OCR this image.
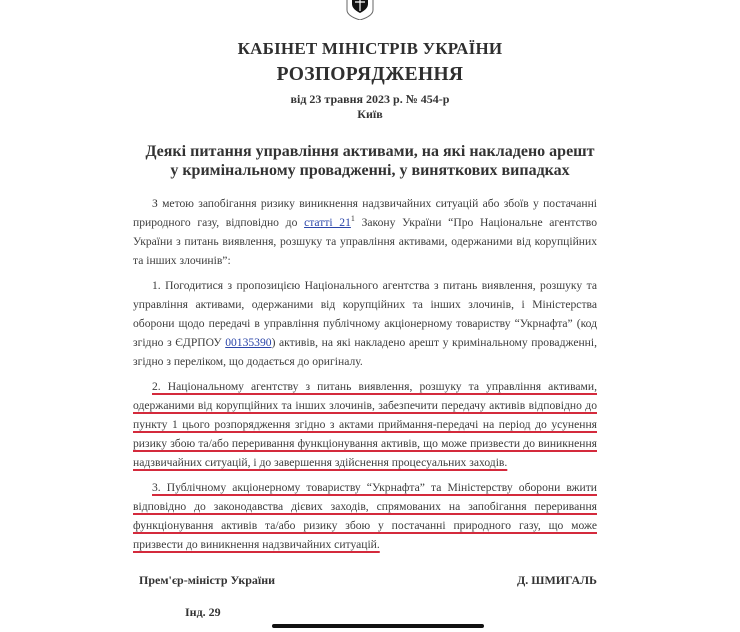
КАБІНЕТ МІНІСТРІВ УКРАЇНИ
РОЗПОРЯДЖЕННЯ
від 23 травня 2023 р. № 454-р
Київ
Деякі питання управління активами, на які накладено арешт
у кримінальному провадженні, у виняткових випадках

З метою запобігання ризику виникнення надзвичайних ситуацій або збоїв у постачанні природного газу, відповідно до статті $21^1$ Закону України “Про Національне агентство України з питань виявлення, розшуку та управління активами, одержаними від корупційних та інших злочинів”:

1. Погодитися з пропозицією Національного агентства з питань виявлення, розшуку та управління активами, одержаними від корупційних та інших злочинів, і Міністерства оборони щодо передачі в управління публічному акціонерному товариству “Укрнафта” (код згідно з ЄДРПОУ 00135390) активів, на які накладено арешт у кримінальному провадженні, згідно з переліком, що додається до оригіналу.

2. Національному агентству з питань виявлення, розшуку та управління активами, одержаними від корупційних та інших злочинів, забезпечити передачу активів відповідно до пункту 1 цього розпорядження згідно з актами приймання-передачі на період до усунення ризику збою та/або переривання функціонування активів, що може призвести до виникнення надзвичайних ситуацій, і до завершення здійснення процесуальних заходів.

3. Публічному акціонерному товариству “Укрнафта” та Міністерству оборони вжити відповідно до законодавства дієвих заходів, спрямованих на запобігання переривання функціонування активів та/або ризику збою у постачанні природного газу, що може призвести до виникнення надзвичайних ситуацій.

Прем'єр-міністр України	Д. ШМИГАЛЬ
Інд. 29
